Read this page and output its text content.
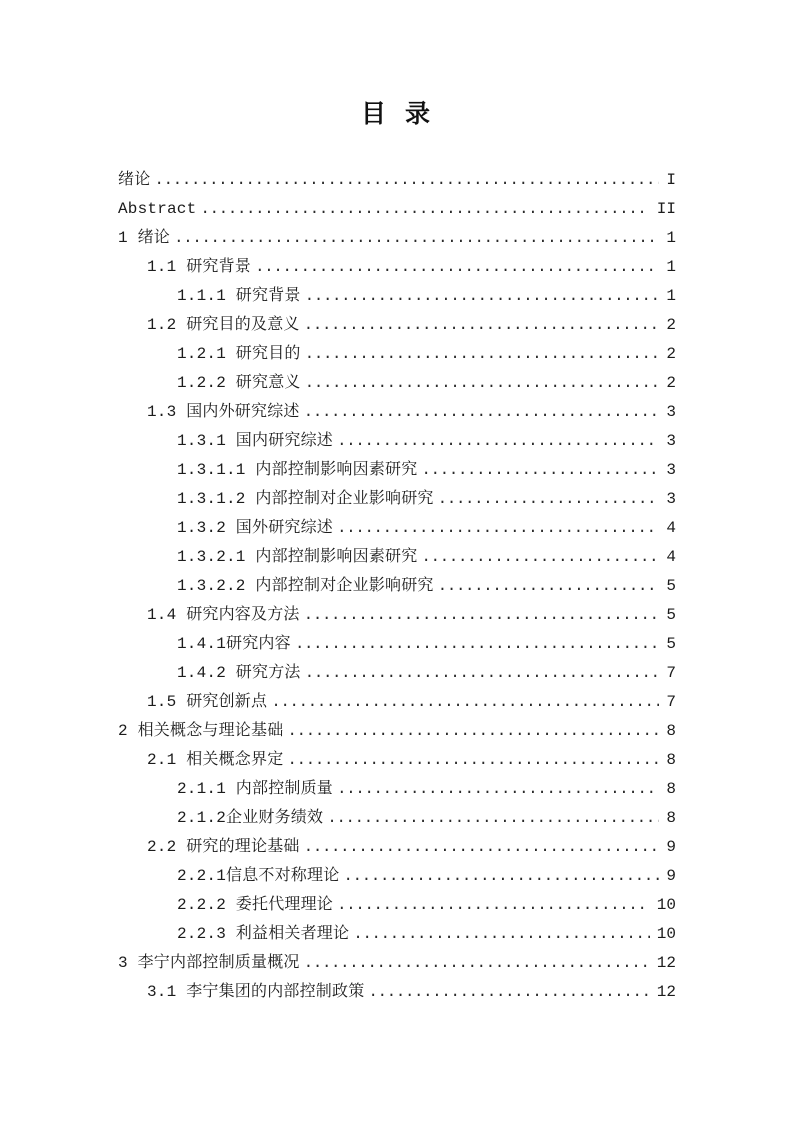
目 录
绪论 .....	I
Abstract .....	II
1 绪论 .....	1
1.1 研究背景 .....	1
1.1.1 研究背景 .....	1
1.2 研究目的及意义 .....	2
1.2.1 研究目的 .....	2
1.2.2 研究意义 .....	2
1.3 国内外研究综述 .....	3
1.3.1 国内研究综述 .....	3
1.3.1.1 内部控制影响因素研究 .....	3
1.3.1.2 内部控制对企业影响研究 .....	3
1.3.2 国外研究综述 .....	4
1.3.2.1 内部控制影响因素研究 .....	4
1.3.2.2 内部控制对企业影响研究 .....	5
1.4 研究内容及方法 .....	5
1.4.1研究内容 .....	5
1.4.2 研究方法 .....	7
1.5 研究创新点 .....	7
2 相关概念与理论基础 .....	8
2.1 相关概念界定 .....	8
2.1.1 内部控制质量 .....	8
2.1.2企业财务绩效 .....	8
2.2 研究的理论基础 .....	9
2.2.1信息不对称理论 .....	9
2.2.2 委托代理理论 .....	10
2.2.3 利益相关者理论 .....	10
3 李宁内部控制质量概况 .....	12
3.1 李宁集团的内部控制政策 .....	12
